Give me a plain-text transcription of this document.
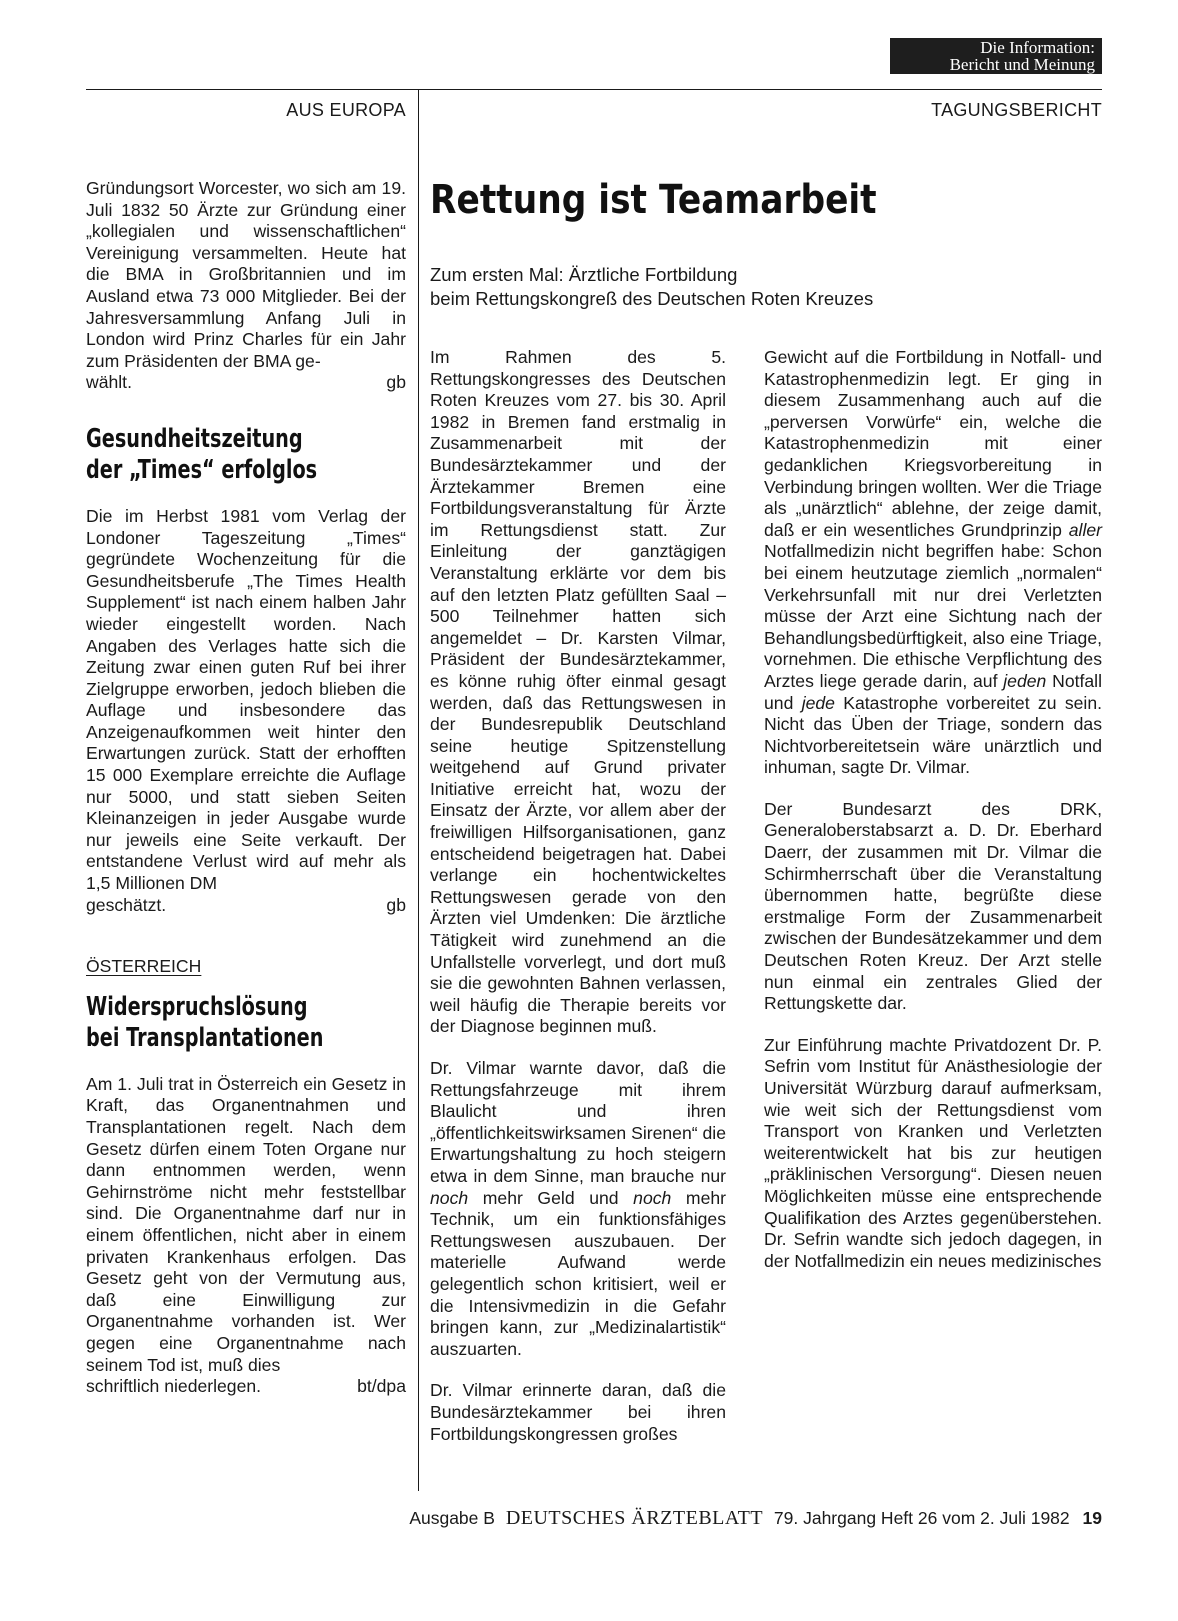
Die Information:
Bericht und Meinung
AUS EUROPA	TAGUNGSBERICHT

Gründungsort Worcester, wo sich am 19. Juli 1832 50 Ärzte zur Gründung einer „kollegialen und wissenschaftlichen“ Vereinigung versammelten. Heute hat die BMA in Großbritannien und im Ausland etwa 73 000 Mitglieder. Bei der Jahresversammlung Anfang Juli in London wird Prinz Charles für ein Jahr zum Präsidenten der BMA ge-
wählt.	gb

Gesundheitszeitung
der „Times“ erfolglos

Die im Herbst 1981 vom Verlag der Londoner Tageszeitung „Times“ gegründete Wochenzeitung für die Gesundheitsberufe „The Times Health Supplement“ ist nach einem halben Jahr wieder eingestellt worden. Nach Angaben des Verlages hatte sich die Zeitung zwar einen guten Ruf bei ihrer Zielgruppe erworben, jedoch blieben die Auflage und insbesondere das Anzeigenaufkommen weit hinter den Erwartungen zurück. Statt der erhofften 15 000 Exemplare erreichte die Auflage nur 5000, und statt sieben Seiten Kleinanzeigen in jeder Ausgabe wurde nur jeweils eine Seite verkauft. Der entstandene Verlust wird auf mehr als 1,5 Millionen DM
geschätzt.	gb

ÖSTERREICH
Widerspruchslösung
bei Transplantationen

Am 1. Juli trat in Österreich ein Gesetz in Kraft, das Organentnahmen und Transplantationen regelt. Nach dem Gesetz dürfen einem Toten Organe nur dann entnommen werden, wenn Gehirnströme nicht mehr feststellbar sind. Die Organentnahme darf nur in einem öffentlichen, nicht aber in einem privaten Krankenhaus erfolgen. Das Gesetz geht von der Vermutung aus, daß eine Einwilligung zur Organentnahme vorhanden ist. Wer gegen eine Organentnahme nach seinem Tod ist, muß dies
schriftlich niederlegen.	bt/dpa

Rettung ist Teamarbeit
Zum ersten Mal: Ärztliche Fortbildung
beim Rettungskongreß des Deutschen Roten Kreuzes

Im Rahmen des 5. Rettungskongresses des Deutschen Roten Kreuzes vom 27. bis 30. April 1982 in Bremen fand erstmalig in Zusammenarbeit mit der Bundesärztekammer und der Ärztekammer Bremen eine Fortbildungsveranstaltung für Ärzte im Rettungsdienst statt. Zur Einleitung der ganztägigen Veranstaltung erklärte vor dem bis auf den letzten Platz gefüllten Saal – 500 Teilnehmer hatten sich angemeldet – Dr. Karsten Vilmar, Präsident der Bundesärztekammer, es könne ruhig öfter einmal gesagt werden, daß das Rettungswesen in der Bundesrepublik Deutschland seine heutige Spitzenstellung weitgehend auf Grund privater Initiative erreicht hat, wozu der Einsatz der Ärzte, vor allem aber der freiwilligen Hilfsorganisationen, ganz entscheidend beigetragen hat. Dabei verlange ein hochentwickeltes Rettungswesen gerade von den Ärzten viel Umdenken: Die ärztliche Tätigkeit wird zunehmend an die Unfallstelle vorverlegt, und dort muß sie die gewohnten Bahnen verlassen, weil häufig die Therapie bereits vor der Diagnose beginnen muß.

Dr. Vilmar warnte davor, daß die Rettungsfahrzeuge mit ihrem Blaulicht und ihren „öffentlichkeitswirksamen Sirenen“ die Erwartungshaltung zu hoch steigern etwa in dem Sinne, man brauche nur noch mehr Geld und noch mehr Technik, um ein funktionsfähiges Rettungswesen auszubauen. Der materielle Aufwand werde gelegentlich schon kritisiert, weil er die Intensivmedizin in die Gefahr bringen kann, zur „Medizinalartistik“ auszuarten.

Dr. Vilmar erinnerte daran, daß die Bundesärztekammer bei ihren Fortbildungskongressen großes

Gewicht auf die Fortbildung in Notfall- und Katastrophenmedizin legt. Er ging in diesem Zusammenhang auch auf die „perversen Vorwürfe“ ein, welche die Katastrophenmedizin mit einer gedanklichen Kriegsvorbereitung in Verbindung bringen wollten. Wer die Triage als „unärztlich“ ablehne, der zeige damit, daß er ein wesentliches Grundprinzip aller Notfallmedizin nicht begriffen habe: Schon bei einem heutzutage ziemlich „normalen“ Verkehrsunfall mit nur drei Verletzten müsse der Arzt eine Sichtung nach der Behandlungsbedürftigkeit, also eine Triage, vornehmen. Die ethische Verpflichtung des Arztes liege gerade darin, auf jeden Notfall und jede Katastrophe vorbereitet zu sein. Nicht das Üben der Triage, sondern das Nichtvorbereitetsein wäre unärztlich und inhuman, sagte Dr. Vilmar.

Der Bundesarzt des DRK, Generaloberstabsarzt a. D. Dr. Eberhard Daerr, der zusammen mit Dr. Vilmar die Schirmherrschaft über die Veranstaltung übernommen hatte, begrüßte diese erstmalige Form der Zusammenarbeit zwischen der Bundesätzekammer und dem Deutschen Roten Kreuz. Der Arzt stelle nun einmal ein zentrales Glied der Rettungskette dar.

Zur Einführung machte Privatdozent Dr. P. Sefrin vom Institut für Anästhesiologie der Universität Würzburg darauf aufmerksam, wie weit sich der Rettungsdienst vom Transport von Kranken und Verletzten weiterentwickelt hat bis zur heutigen „präklinischen Versorgung“. Diesen neuen Möglichkeiten müsse eine entsprechende Qualifikation des Arztes gegenüberstehen. Dr. Sefrin wandte sich jedoch dagegen, in der Notfallmedizin ein neues medizinisches

Ausgabe B DEUTSCHES ÄRZTEBLATT 79. Jahrgang Heft 26 vom 2. Juli 1982 19
